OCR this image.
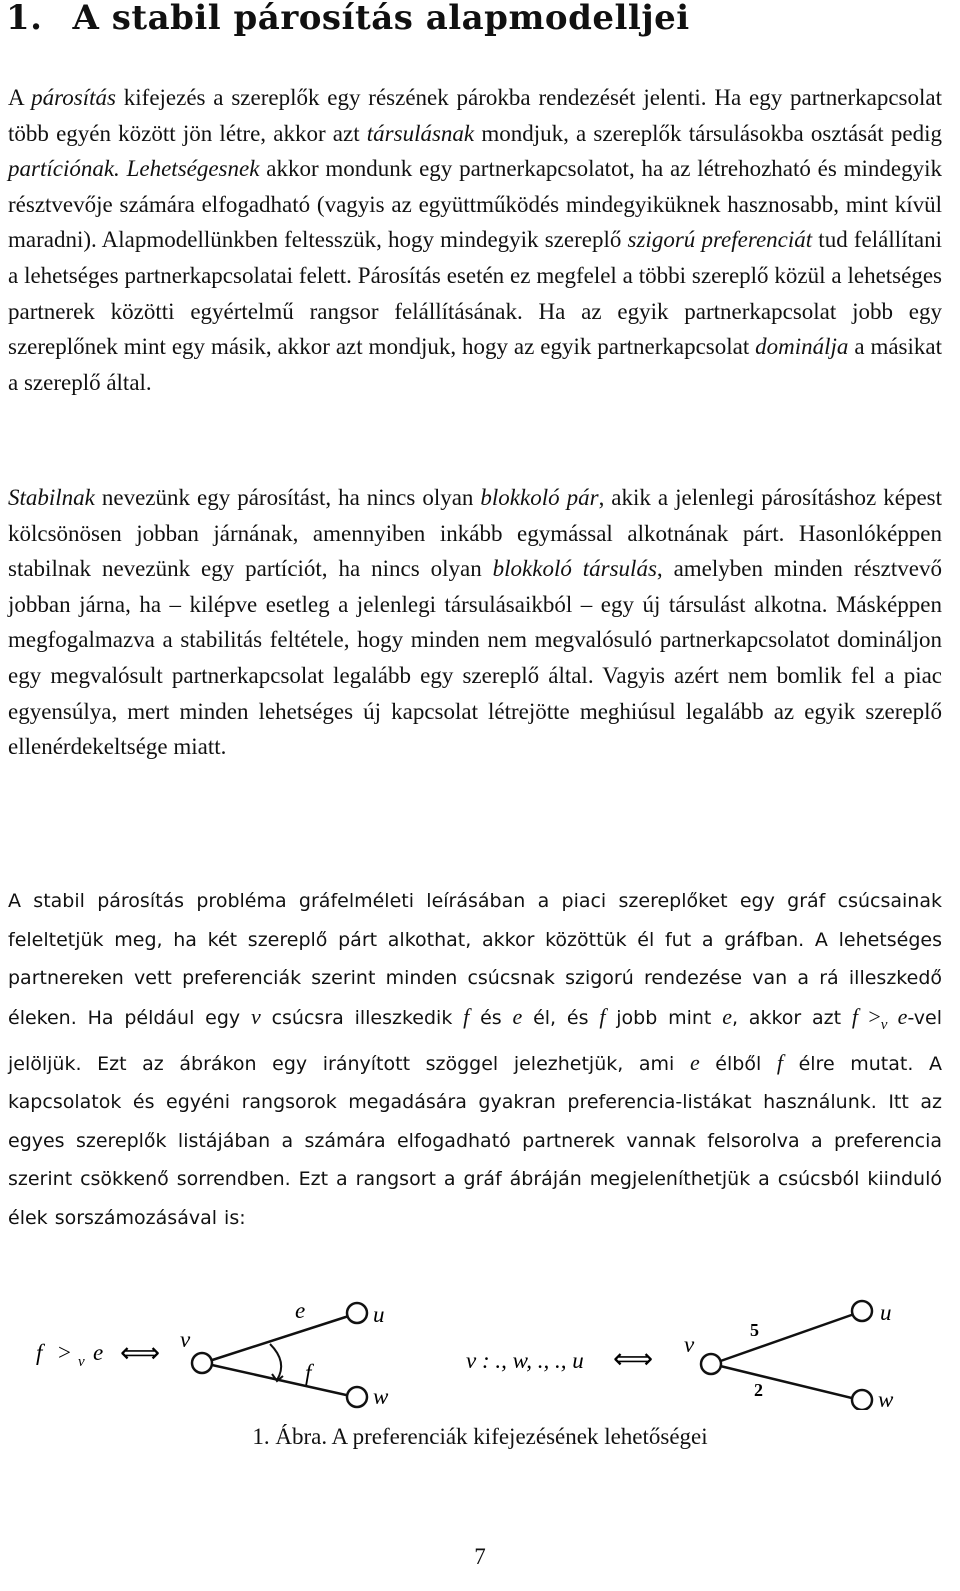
1. A stabil párosítás alapmodelljei
A párosítás kifejezés a szereplők egy részének párokba rendezését jelenti. Ha egy partnerkapcsolat több egyén között jön létre, akkor azt társulásnak mondjuk, a szereplők társulásokba osztását pedig partíciónak. Lehetségesnek akkor mondunk egy partnerkapcsolatot, ha az létrehozható és mindegyik résztvevője számára elfogadható (vagyis az együttműködés mindegyiküknek hasznosabb, mint kívül maradni). Alapmodellünkben feltesszük, hogy mindegyik szereplő szigorú preferenciát tud felállítani a lehetséges partnerkapcsolatai felett. Párosítás esetén ez megfelel a többi szereplő közül a lehetséges partnerek közötti egyértelmű rangsor felállításának. Ha az egyik partnerkapcsolat jobb egy szereplőnek mint egy másik, akkor azt mondjuk, hogy az egyik partnerkapcsolat dominálja a másikat a szereplő által.
Stabilnak nevezünk egy párosítást, ha nincs olyan blokkoló pár, akik a jelenlegi párosításhoz képest kölcsönösen jobban járnának, amennyiben inkább egymással alkotnának párt. Hasonlóképpen stabilnak nevezünk egy partíciót, ha nincs olyan blokkoló társulás, amelyben minden résztvevő jobban járna, ha – kilépve esetleg a jelenlegi társulásaikból – egy új társulást alkotna. Másképpen megfogalmazva a stabilitás feltétele, hogy minden nem megvalósuló partnerkapcsolatot domináljon egy megvalósult partnerkapcsolat legalább egy szereplő által. Vagyis azért nem bomlik fel a piac egyensúlya, mert minden lehetséges új kapcsolat létrejötte meghiúsul legalább az egyik szereplő ellenérdekeltsége miatt.
A stabil párosítás probléma gráfelméleti leírásában a piaci szereplőket egy gráf csúcsainak feleltetjük meg, ha két szereplő párt alkothat, akkor közöttük él fut a gráfban. A lehetséges partnereken vett preferenciák szerint minden csúcsnak szigorú rendezése van a rá illeszkedő éleken. Ha például egy v csúcsra illeszkedik f és e él, és f jobb mint e, akkor azt $f >_v$ e-vel jelöljük. Ezt az ábrákon egy irányított szöggel jelezhetjük, ami e élből f élre mutat. A kapcsolatok és egyéni rangsorok megadására gyakran preferencia-listákat használunk. Itt az egyes szereplők listájában a számára elfogadható partnerek vannak felsorolva a preferencia szerint csökkenő sorrendben. Ezt a rangsort a gráf ábráján megjeleníthetjük a csúcsból kiinduló élek sorszámozásával is:
f > v e ⟺ v
u
w
e
f	v : ., w, ., ., u ⟺ v
u
w
5
2
1. Ábra. A preferenciák kifejezésének lehetőségei
7
